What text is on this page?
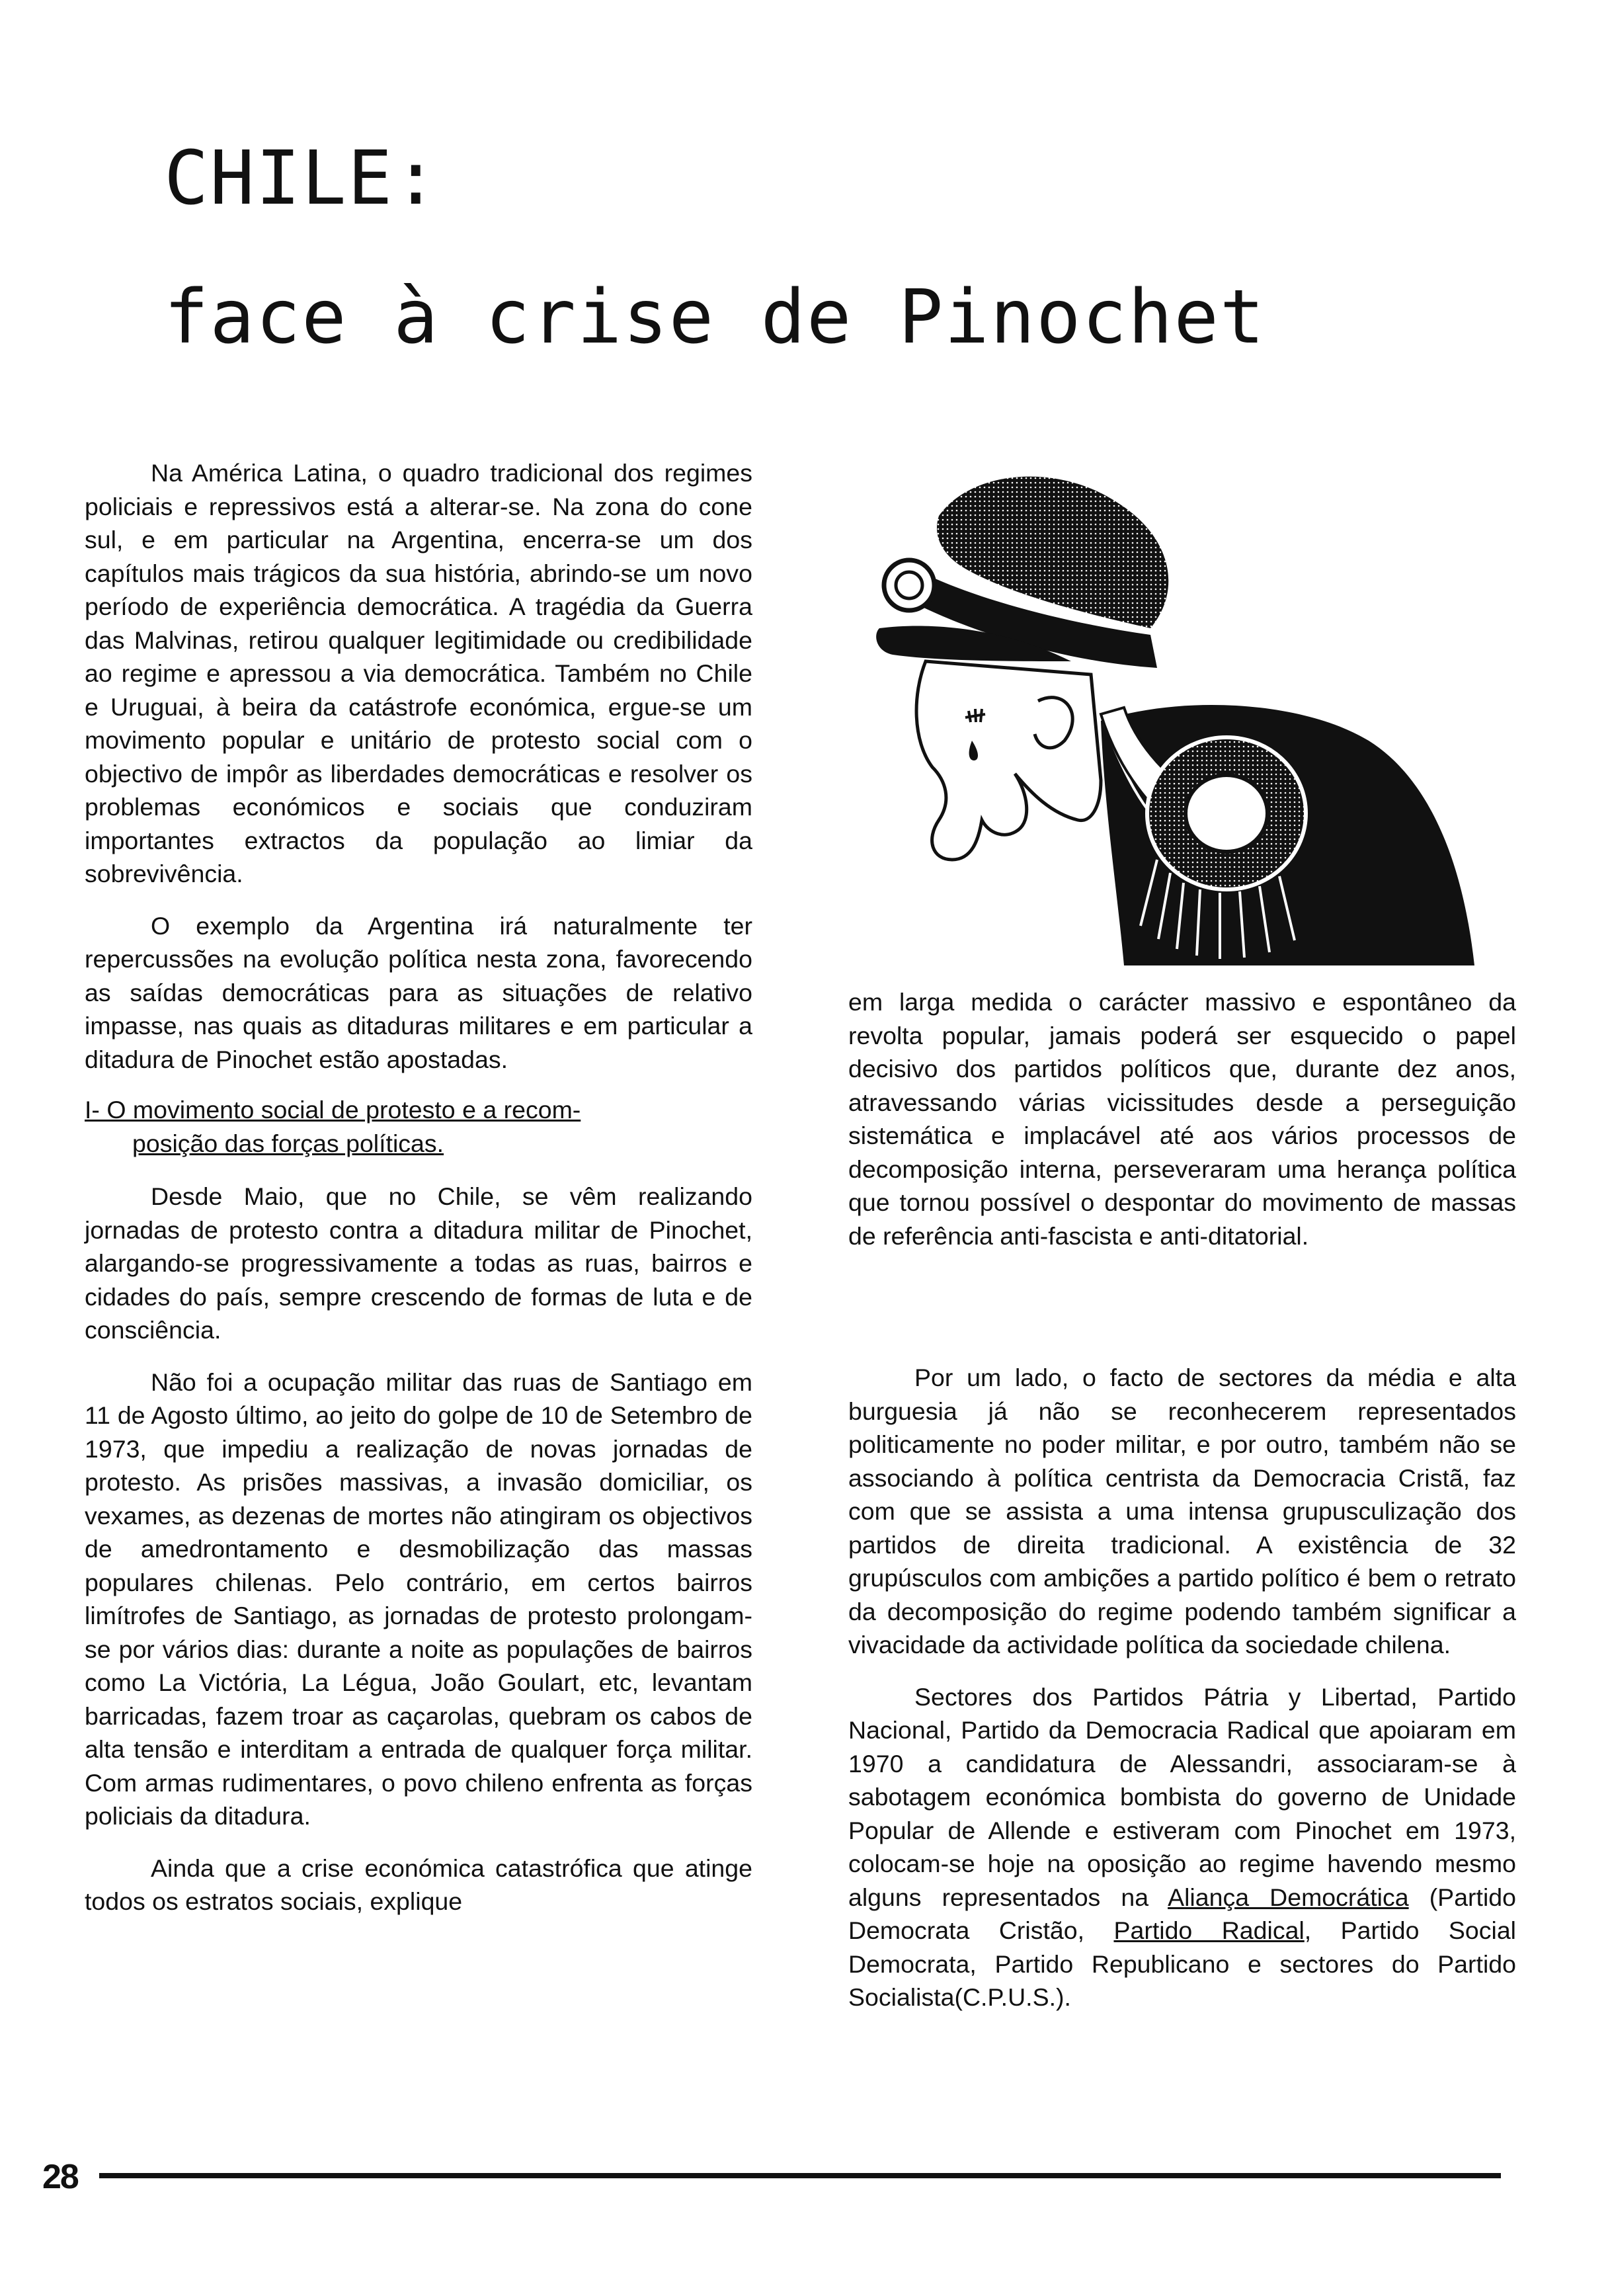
CHILE:
face à crise de Pinochet

Na América Latina, o quadro tradicional dos regimes policiais e repressivos está a alterar-se. Na zona do cone sul, e em particular na Argentina, encerra-se um dos capítulos mais trágicos da sua história, abrindo-se um novo período de experiência democrática. A tragédia da Guerra das Malvinas, retirou qualquer legitimidade ou credibilidade ao regime e apressou a via democrática. Também no Chile e Uruguai, à beira da catástrofe económica, ergue-se um movimento popular e unitário de protesto social com o objectivo de impôr as liberdades democráticas e resolver os problemas económicos e sociais que conduziram importantes extractos da população ao limiar da sobrevivência.

O exemplo da Argentina irá naturalmente ter repercussões na evolução política nesta zona, favorecendo as saídas democráticas para as situações de relativo impasse, nas quais as ditaduras militares e em particular a ditadura de Pinochet estão apostadas.

I- O movimento social de protesto e a recom-
posição das forças políticas.

Desde Maio, que no Chile, se vêm realizando jornadas de protesto contra a ditadura militar de Pinochet, alargando-se progressivamente a todas as ruas, bairros e cidades do país, sempre crescendo de formas de luta e de consciência.

Não foi a ocupação militar das ruas de Santiago em 11 de Agosto último, ao jeito do golpe de 10 de Setembro de 1973, que impediu a realização de novas jornadas de protesto. As prisões massivas, a invasão domiciliar, os vexames, as dezenas de mortes não atingiram os objectivos de amedrontamento e desmobilização das massas populares chilenas. Pelo contrário, em certos bairros limítrofes de Santiago, as jornadas de protesto prolongam-se por vários dias: durante a noite as populações de bairros como La Victória, La Légua, João Goulart, etc, levantam barricadas, fazem troar as caçarolas, quebram os cabos de alta tensão e interditam a entrada de qualquer força militar. Com armas rudimentares, o povo chileno enfrenta as forças policiais da ditadura.

Ainda que a crise económica catastrófica que atinge todos os estratos sociais, explique

em larga medida o carácter massivo e espontâneo da revolta popular, jamais poderá ser esquecido o papel decisivo dos partidos políticos que, durante dez anos, atravessando várias vicissitudes desde a perseguição sistemática e implacável até aos vários processos de decomposição interna, perseveraram uma herança política que tornou possível o despontar do movimento de massas de referência anti-fascista e anti-ditatorial.

Por um lado, o facto de sectores da média e alta burguesia já não se reconhecerem representados politicamente no poder militar, e por outro, também não se associando à política centrista da Democracia Cristã, faz com que se assista a uma intensa grupusculização dos partidos de direita tradicional. A existência de 32 grupúsculos com ambições a partido político é bem o retrato da decomposição do regime podendo também significar a vivacidade da actividade política da sociedade chilena.

Sectores dos Partidos Pátria y Libertad, Partido Nacional, Partido da Democracia Radical que apoiaram em 1970 a candidatura de Alessandri, associaram-se à sabotagem económica bombista do governo de Unidade Popular de Allende e estiveram com Pinochet em 1973, colocam-se hoje na oposição ao regime havendo mesmo alguns representados na Aliança Democrática (Partido Democrata Cristão, Partido Radical, Partido Social Democrata, Partido Republicano e sectores do Partido Socialista(C.P.U.S.).

28
